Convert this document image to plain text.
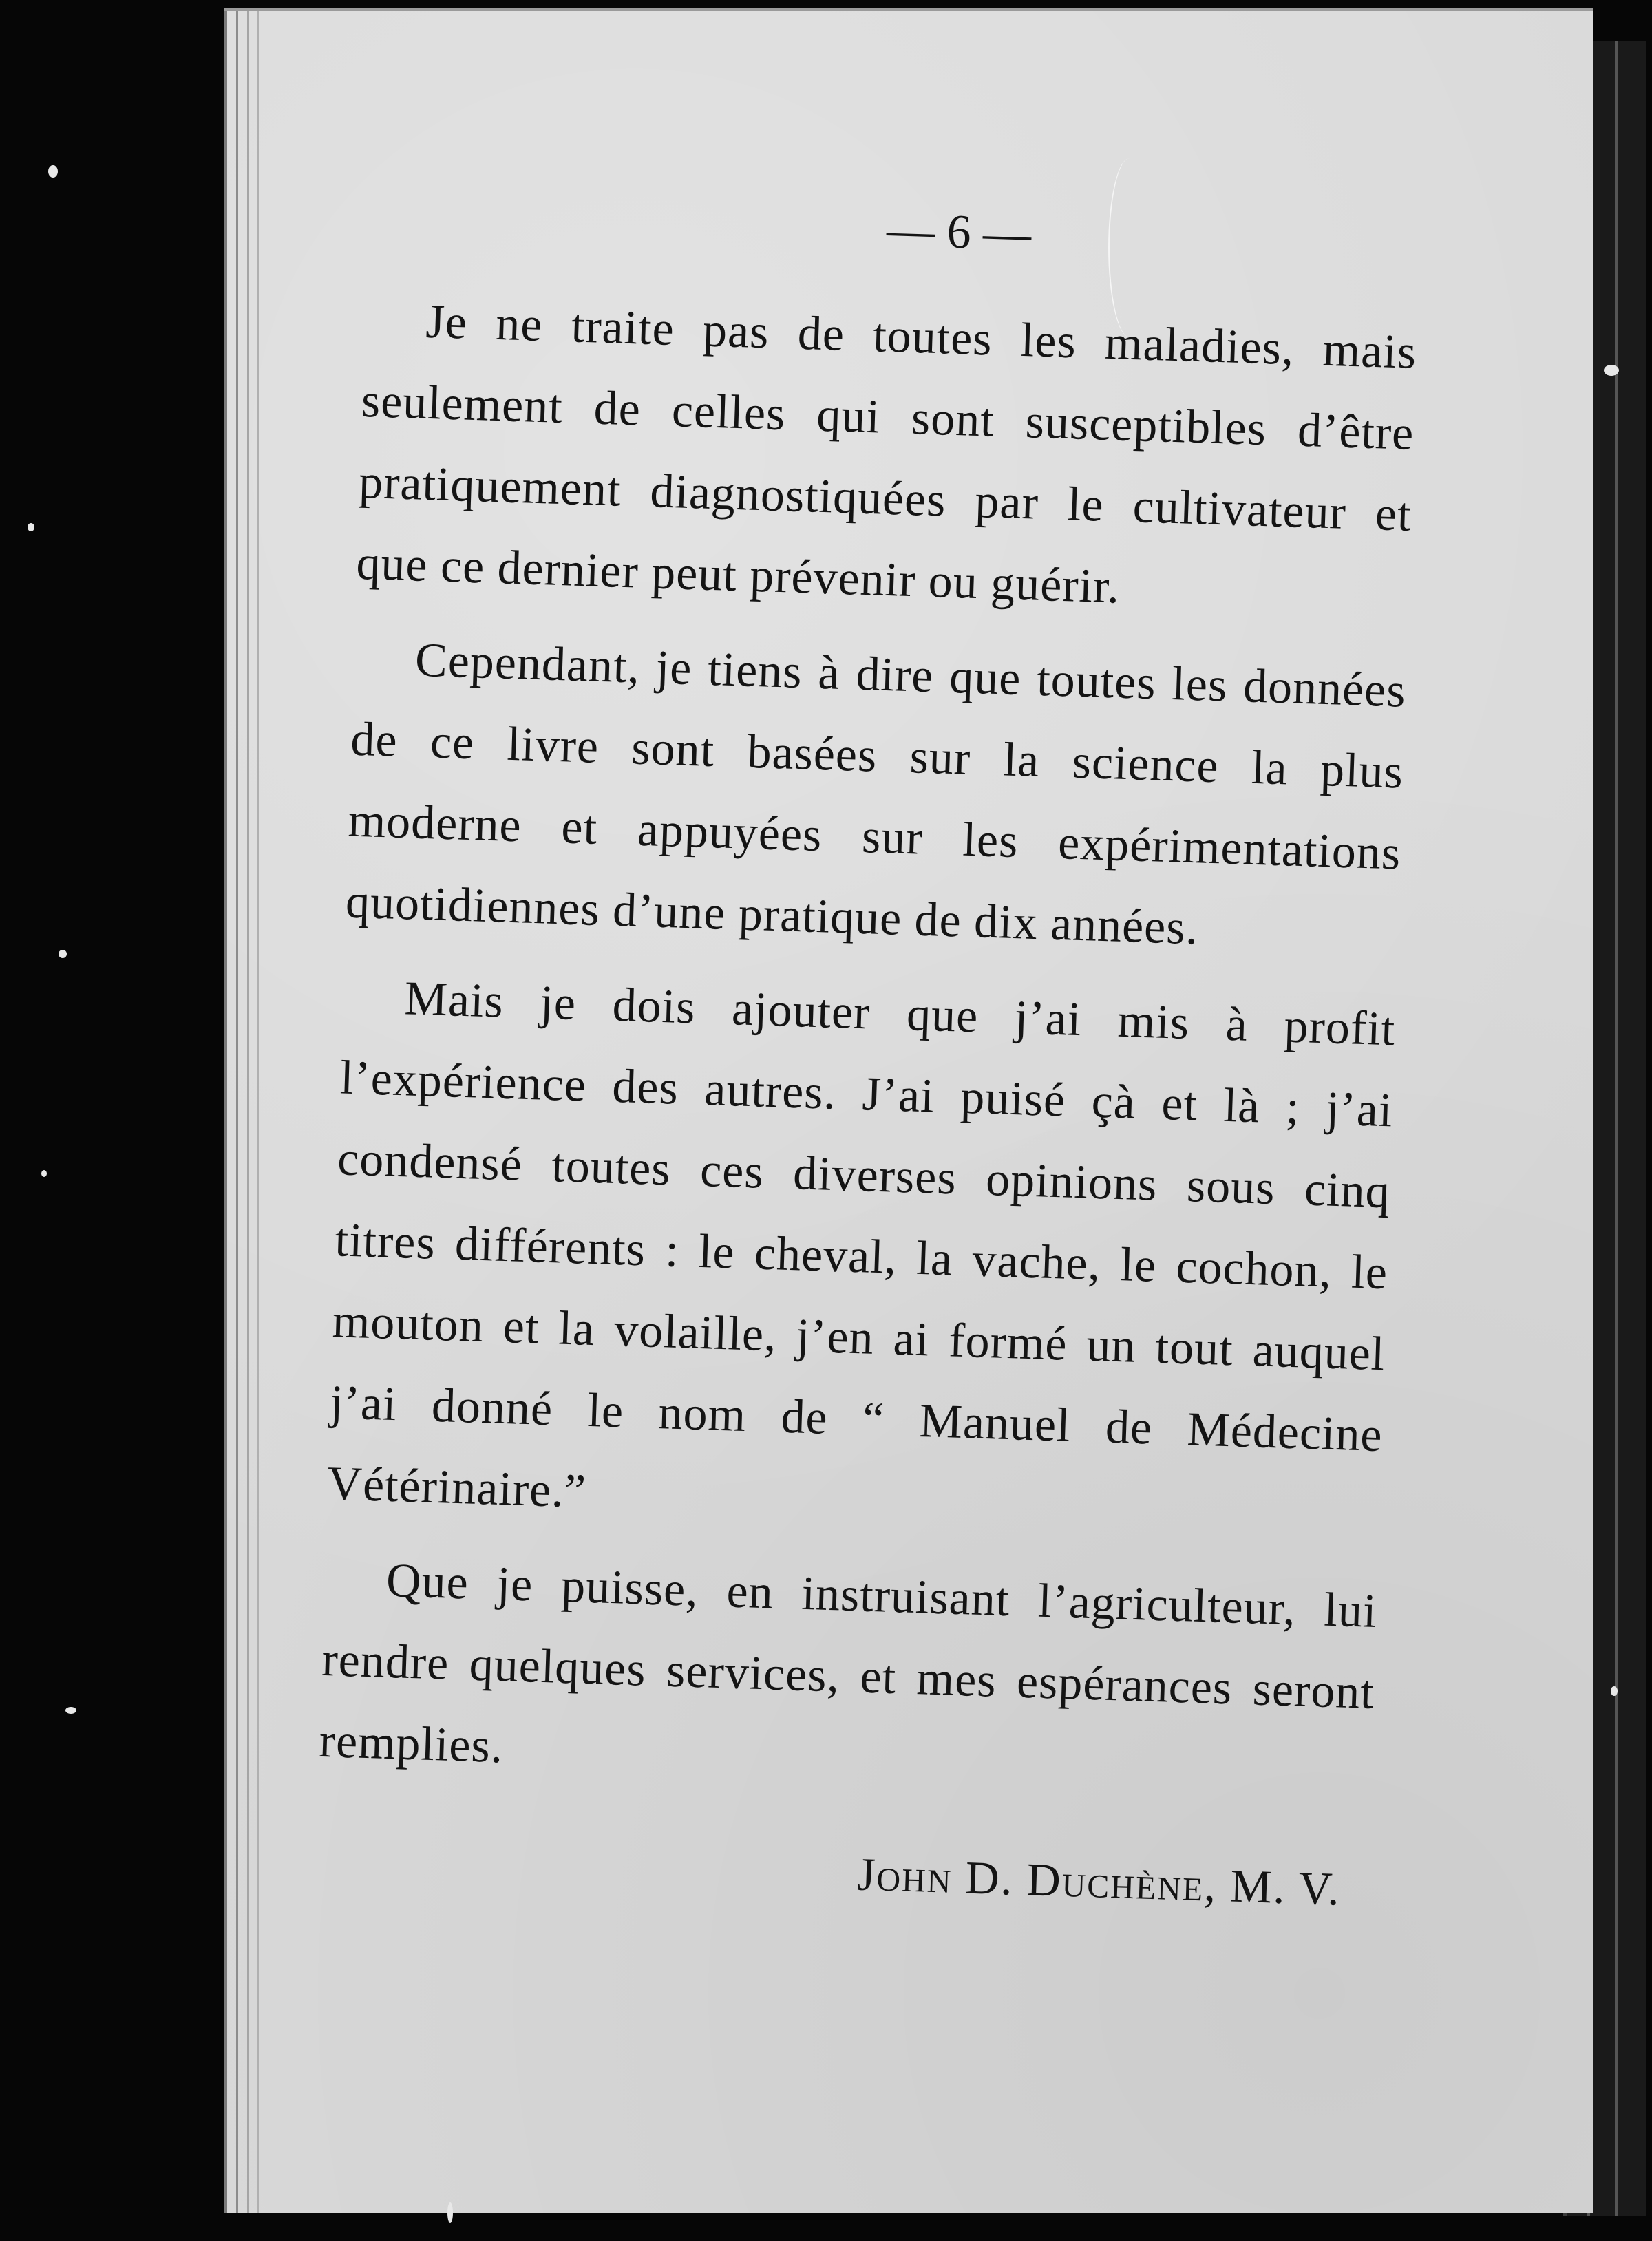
— 6 —

Je ne traite pas de toutes les maladies, mais seulement de celles qui sont susceptibles d’être pratiquement diagnostiquées par le cultivateur et que ce dernier peut prévenir ou guérir.

Cependant, je tiens à dire que toutes les données de ce livre sont basées sur la science la plus moderne et appuyées sur les expérimentations quotidiennes d’une pratique de dix années.

Mais je dois ajouter que j’ai mis à profit l’expérience des autres. J’ai puisé çà et là ; j’ai condensé toutes ces diverses opinions sous cinq titres différents : le cheval, la vache, le cochon, le mouton et la volaille, j’en ai formé un tout auquel j’ai donné le nom de “ Manuel de Médecine Vétérinaire.”

Que je puisse, en instruisant l’agriculteur, lui rendre quelques services, et mes espérances seront remplies.

John D. Duchène, M. V.
